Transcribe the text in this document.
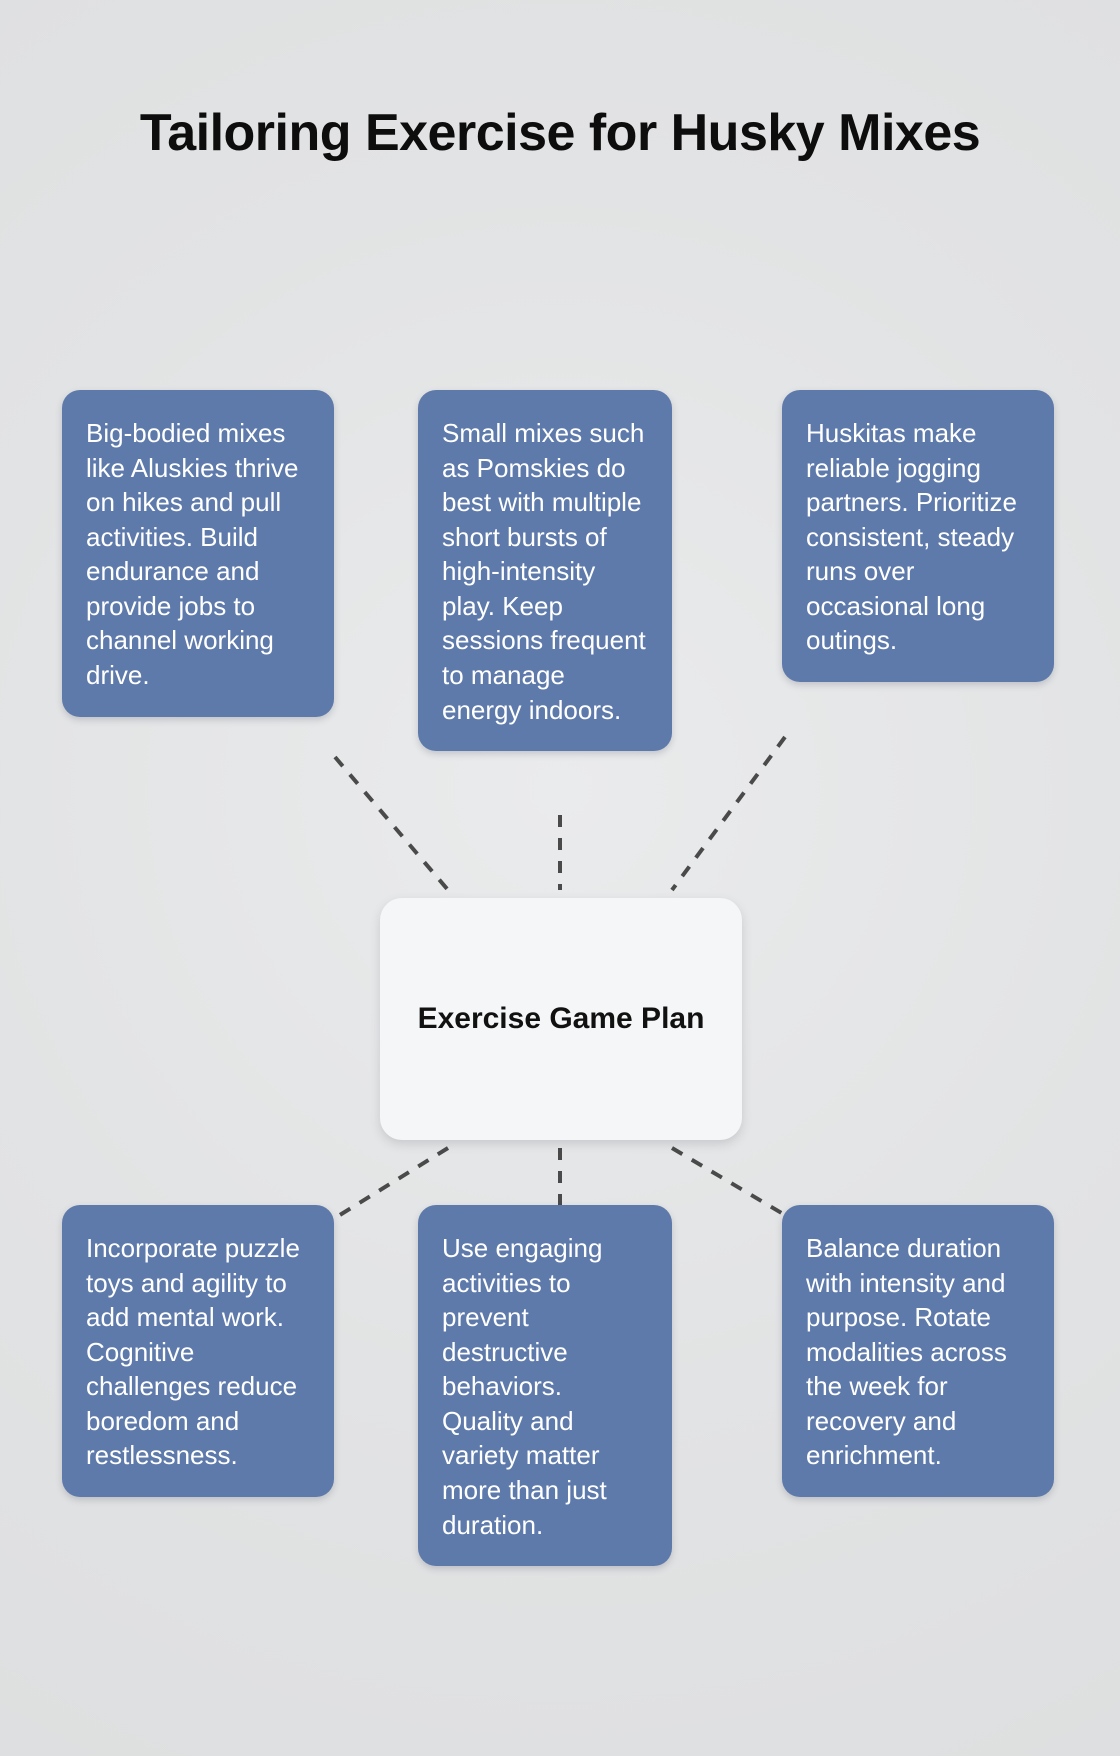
Tailoring Exercise for Husky Mixes
Big-bodied mixes like Aluskies thrive on hikes and pull activities. Build endurance and provide jobs to channel working drive.
Small mixes such as Pomskies do best with multiple short bursts of high-intensity play. Keep sessions frequent to manage energy indoors.
Huskitas make reliable jogging partners. Prioritize consistent, steady runs over occasional long outings.
Exercise Game Plan
Incorporate puzzle toys and agility to add mental work. Cognitive challenges reduce boredom and restlessness.
Use engaging activities to prevent destructive behaviors. Quality and variety matter more than just duration.
Balance duration with intensity and purpose. Rotate modalities across the week for recovery and enrichment.
